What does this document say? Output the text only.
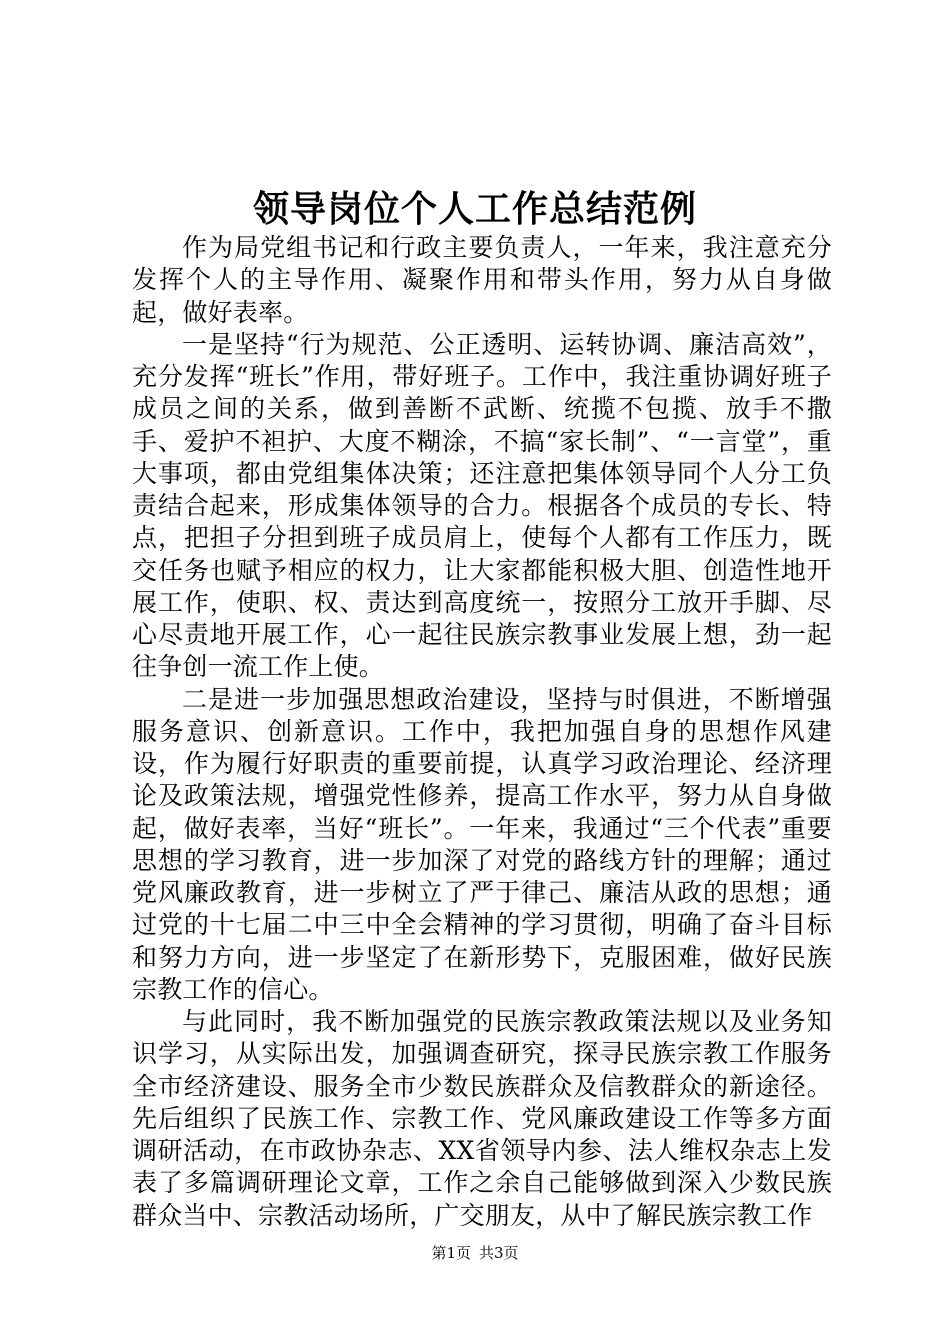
领导岗位个人工作总结范例

作为局党组书记和行政主要负责人，一年来，我注意充分发挥个人的主导作用、凝聚作用和带头作用，努力从自身做起，做好表率。

一是坚持“行为规范、公正透明、运转协调、廉洁高效”，充分发挥“班长”作用，带好班子。工作中，我注重协调好班子成员之间的关系，做到善断不武断、统揽不包揽、放手不撒手、爱护不袒护、大度不糊涂，不搞“家长制”、“一言堂”，重大事项，都由党组集体决策；还注意把集体领导同个人分工负责结合起来，形成集体领导的合力。根据各个成员的专长、特点，把担子分担到班子成员肩上，使每个人都有工作压力，既交任务也赋予相应的权力，让大家都能积极大胆、创造性地开展工作，使职、权、责达到高度统一，按照分工放开手脚、尽心尽责地开展工作，心一起往民族宗教事业发展上想，劲一起往争创一流工作上使。

二是进一步加强思想政治建设，坚持与时俱进，不断增强服务意识、创新意识。工作中，我把加强自身的思想作风建设，作为履行好职责的重要前提，认真学习政治理论、经济理论及政策法规，增强党性修养，提高工作水平，努力从自身做起，做好表率，当好“班长”。一年来，我通过“三个代表”重要思想的学习教育，进一步加深了对党的路线方针的理解；通过党风廉政教育，进一步树立了严于律己、廉洁从政的思想；通过党的十七届二中三中全会精神的学习贯彻，明确了奋斗目标和努力方向，进一步坚定了在新形势下，克服困难，做好民族宗教工作的信心。

与此同时，我不断加强党的民族宗教政策法规以及业务知识学习，从实际出发，加强调查研究，探寻民族宗教工作服务全市经济建设、服务全市少数民族群众及信教群众的新途径。先后组织了民族工作、宗教工作、党风廉政建设工作等多方面调研活动，在市政协杂志、XX省领导内参、法人维权杂志上发表了多篇调研理论文章，工作之余自己能够做到深入少数民族群众当中、宗教活动场所，广交朋友，从中了解民族宗教工作

第1页 共3页
